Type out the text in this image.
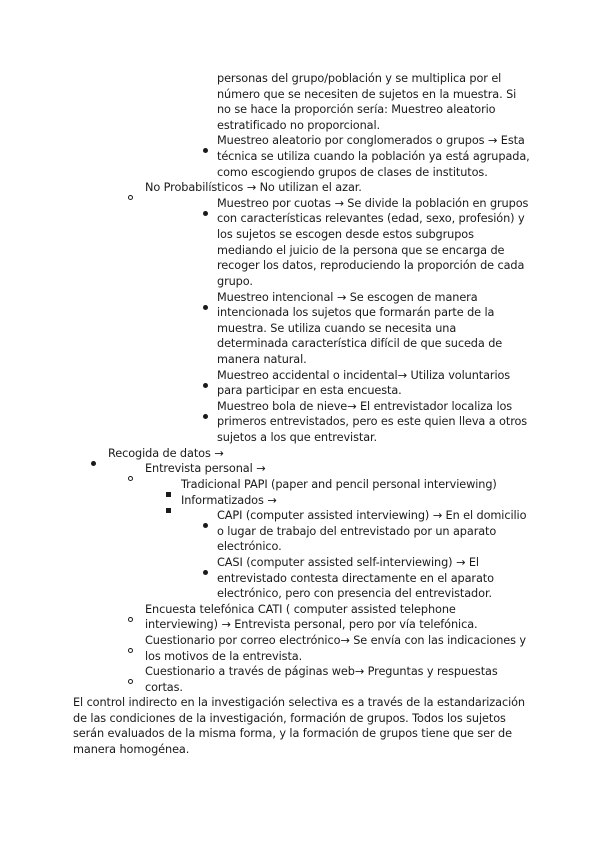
personas del grupo/población y se multiplica por el
número que se necesiten de sujetos en la muestra. Si
no se hace la proporción sería: Muestreo aleatorio
estratificado no proporcional.
Muestreo aleatorio por conglomerados o grupos → Esta
técnica se utiliza cuando la población ya está agrupada,
como escogiendo grupos de clases de institutos.
No Probabilísticos → No utilizan el azar.
Muestreo por cuotas → Se divide la población en grupos
con características relevantes (edad, sexo, profesión) y
los sujetos se escogen desde estos subgrupos
mediando el juicio de la persona que se encarga de
recoger los datos, reproduciendo la proporción de cada
grupo.
Muestreo intencional → Se escogen de manera
intencionada los sujetos que formarán parte de la
muestra. Se utiliza cuando se necesita una
determinada característica difícil de que suceda de
manera natural.
Muestreo accidental o incidental→ Utiliza voluntarios
para participar en esta encuesta.
Muestreo bola de nieve→ El entrevistador localiza los
primeros entrevistados, pero es este quien lleva a otros
sujetos a los que entrevistar.
Recogida de datos →
Entrevista personal →
Tradicional PAPI (paper and pencil personal interviewing)
Informatizados →
CAPI (computer assisted interviewing) → En el domicilio
o lugar de trabajo del entrevistado por un aparato
electrónico.
CASI (computer assisted self-interviewing) → El
entrevistado contesta directamente en el aparato
electrónico, pero con presencia del entrevistador.
Encuesta telefónica CATI ( computer assisted telephone
interviewing) → Entrevista personal, pero por vía telefónica.
Cuestionario por correo electrónico→ Se envía con las indicaciones y
los motivos de la entrevista.
Cuestionario a través de páginas web→ Preguntas y respuestas
cortas.
El control indirecto en la investigación selectiva es a través de la estandarización
de las condiciones de la investigación, formación de grupos. Todos los sujetos
serán evaluados de la misma forma, y la formación de grupos tiene que ser de
manera homogénea.
